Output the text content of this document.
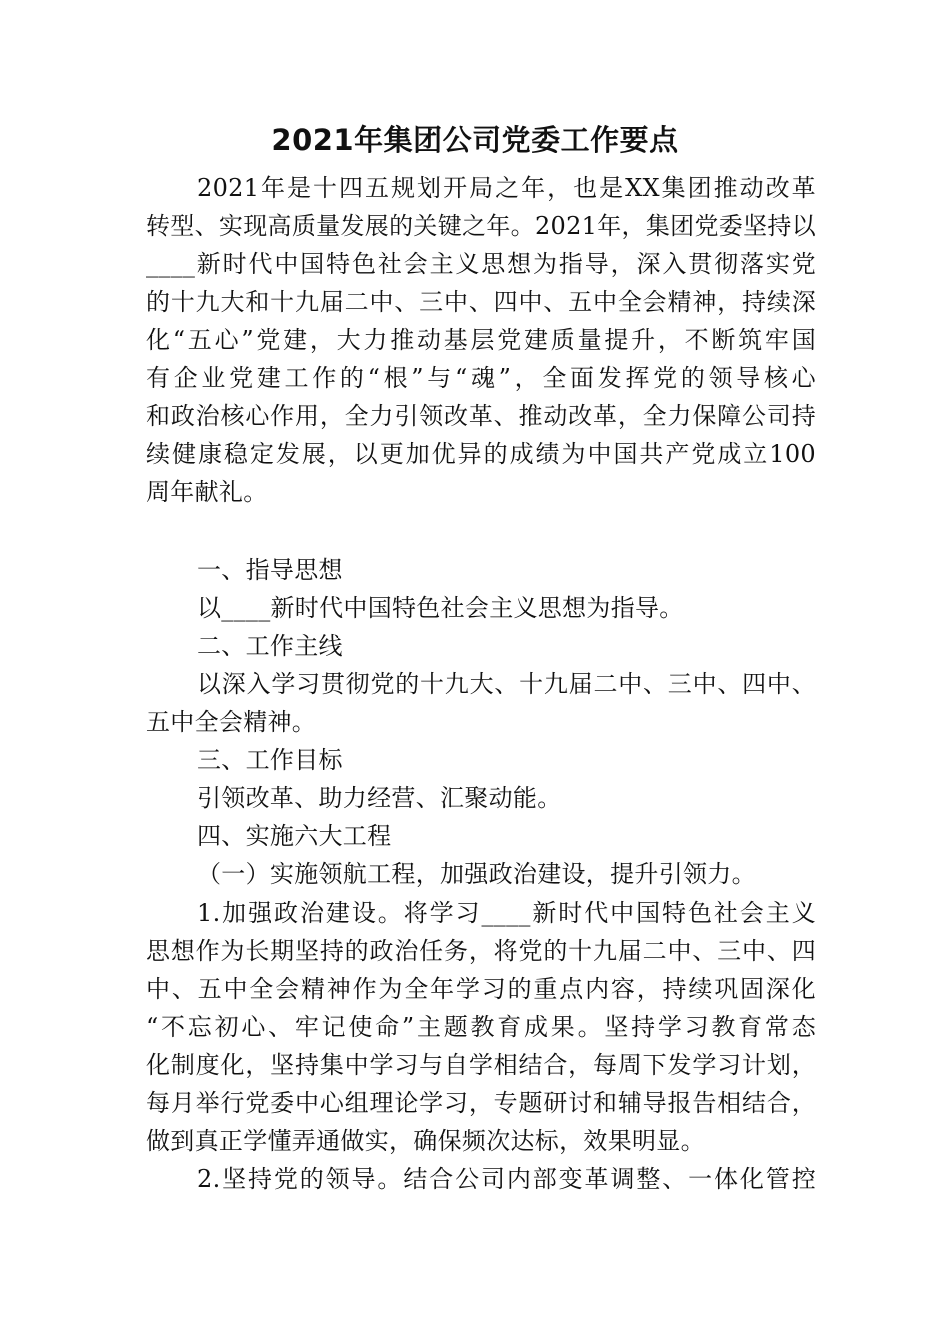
2021年集团公司党委工作要点
2021年是十四五规划开局之年，也是XX集团推动改革
转型、实现高质量发展的关键之年。2021年，集团党委坚持以
____新时代中国特色社会主义思想为指导，深入贯彻落实党
的十九大和十九届二中、三中、四中、五中全会精神，持续深
化“五心”党建，大力推动基层党建质量提升，不断筑牢国
有企业党建工作的“根”与“魂”，全面发挥党的领导核心
和政治核心作用，全力引领改革、推动改革，全力保障公司持
续健康稳定发展，以更加优异的成绩为中国共产党成立100
周年献礼。
一、指导思想
以____新时代中国特色社会主义思想为指导。
二、工作主线
以深入学习贯彻党的十九大、十九届二中、三中、四中、
五中全会精神。
三、工作目标
引领改革、助力经营、汇聚动能。
四、实施六大工程
（一）实施领航工程，加强政治建设，提升引领力。
1.加强政治建设。将学习____新时代中国特色社会主义
思想作为长期坚持的政治任务，将党的十九届二中、三中、四
中、五中全会精神作为全年学习的重点内容，持续巩固深化
“不忘初心、牢记使命”主题教育成果。坚持学习教育常态
化制度化，坚持集中学习与自学相结合，每周下发学习计划，
每月举行党委中心组理论学习，专题研讨和辅导报告相结合，
做到真正学懂弄通做实，确保频次达标，效果明显。
2.坚持党的领导。结合公司内部变革调整、一体化管控
